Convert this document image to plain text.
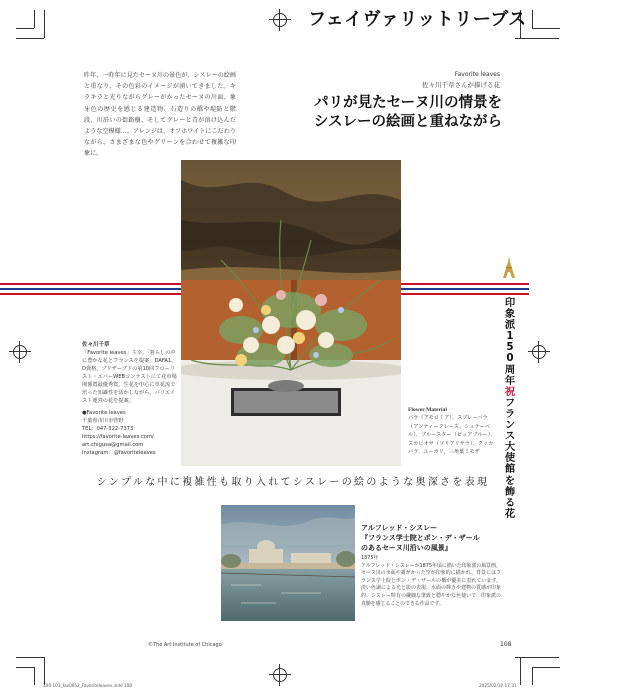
フェイヴァリットリーブス
昨年、一昨年に見たセーヌ川の景色が、シスレーの絵画と重なり、その色彩のイメージが湧いてきました。キラキラと光りながらグレーがかったセーヌの川面、象牙色の歴史を感じる建造物、石造りの橋や堤防と階段、川沿いの街路樹、そしてグレーと青が溶け込んだような空模様…。アレンジは、オフホワイトにこだわりながら、さまざまな色やグリーンを合わせて複雑な印象に。
Favorite leaves
佐々川千草さんが捧げる花
パリが見たセーヌ川の情景を
シスレーの絵画と重ねながら
佐々川千草
「Favorite leaves」主宰。「暮らしの中に豊かな花とフランスを提案」DAFA1、D資格。ブリザーブドの第10回フローリスト・エバーWEBコンテストにて花市場関係賞最優秀賞。生花を中心に草花流で培った知識性を活かしながら、バリエイスト運営の花を提案。
●Favorite leaves
千葉県市川市菅野
TEL：047-322-7373
https://favorite-leaves.com/
art.chigusa@gmail.com
Instagram：@favoriteleaves
Flower Material
バラ（アモロミア）、スプレーバラ（アンティークレース、シュテーベル）、ブルースター（ピュアブルー）、スカビオサ（ソリアリサラ）、クッカバラ、ユーカリ、三角葉ミモザ
印
象
派
1
5
0
周
年
祝
フ
ラ
ン
ス
大
使
館
を
飾
る
花
シンプルな中に複雑性も取り入れてシスレーの絵のような奥深さを表現
©The Art Institute of Chicago
アルフレッド・シスレー
『フランス学士院とポン・デ・ザール
のあるセーヌ川沿いの風景』
1875年
アルフレッド・シスレーが1875年頃に描いた印象派の風景画。セーヌ川の水面や霧がかった空が印象的に描かれ、背景にはフランス学士院とポン・デ・ザールの橋が優美に表れています。淡い色調による光と影の表現、水面の輝きや建物の質感が印象的。シスレー特有の繊細な筆致と穏やかな色使いで、印象派の真髄を感じることのできる作品です。
108
100-103_fav0052_Favoriteleaves.indd 108	2025/02/10 17:31
